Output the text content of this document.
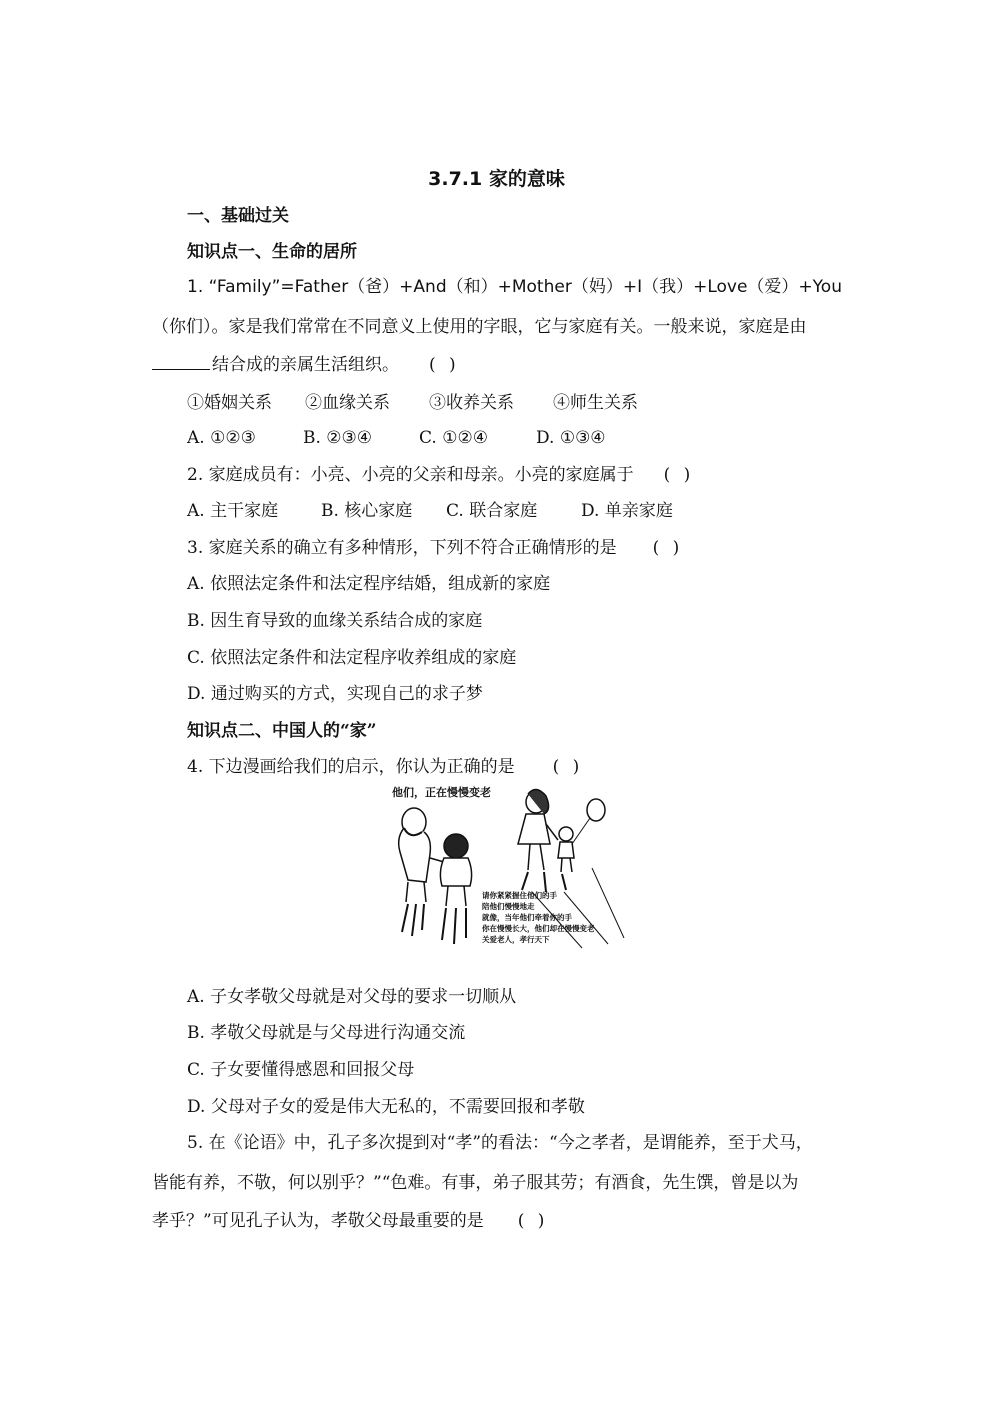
3.7.1 家的意味
一、基础过关
知识点一、生命的居所
1. “Family”=Father（爸）+And（和）+Mother（妈）+I（我）+Love（爱）+You
（你们）。家是我们常常在不同意义上使用的字眼，它与家庭有关。一般来说，家庭是由
结合成的亲属生活组织。 ( )
①婚姻关系 ②血缘关系 ③收养关系 ④师生关系
A. ①②③	B. ②③④	C. ①②④	D. ①③④
2. 家庭成员有：小亮、小亮的父亲和母亲。小亮的家庭属于 ( )
A. 主干家庭	B. 核心家庭 C. 联合家庭	D. 单亲家庭
3. 家庭关系的确立有多种情形，下列不符合正确情形的是 ( )
A. 依照法定条件和法定程序结婚，组成新的家庭
B. 因生育导致的血缘关系结合成的家庭
C. 依照法定条件和法定程序收养组成的家庭
D. 通过购买的方式，实现自己的求子梦
知识点二、中国人的“家”
4. 下边漫画给我们的启示，你认为正确的是 ( )
他们，正在慢慢变老
请你紧紧握住他们的手
陪他们慢慢地走
就像，当年他们牵着你的手
你在慢慢长大，他们却在慢慢变老
关爱老人，孝行天下
A. 子女孝敬父母就是对父母的要求一切顺从
B. 孝敬父母就是与父母进行沟通交流
C. 子女要懂得感恩和回报父母
D. 父母对子女的爱是伟大无私的，不需要回报和孝敬
5. 在《论语》中，孔子多次提到对“孝”的看法：“今之孝者，是谓能养，至于犬马，
皆能有养，不敬，何以别乎？”“色难。有事，弟子服其劳；有酒食，先生馔，曾是以为
孝乎？”可见孔子认为，孝敬父母最重要的是 ( )
